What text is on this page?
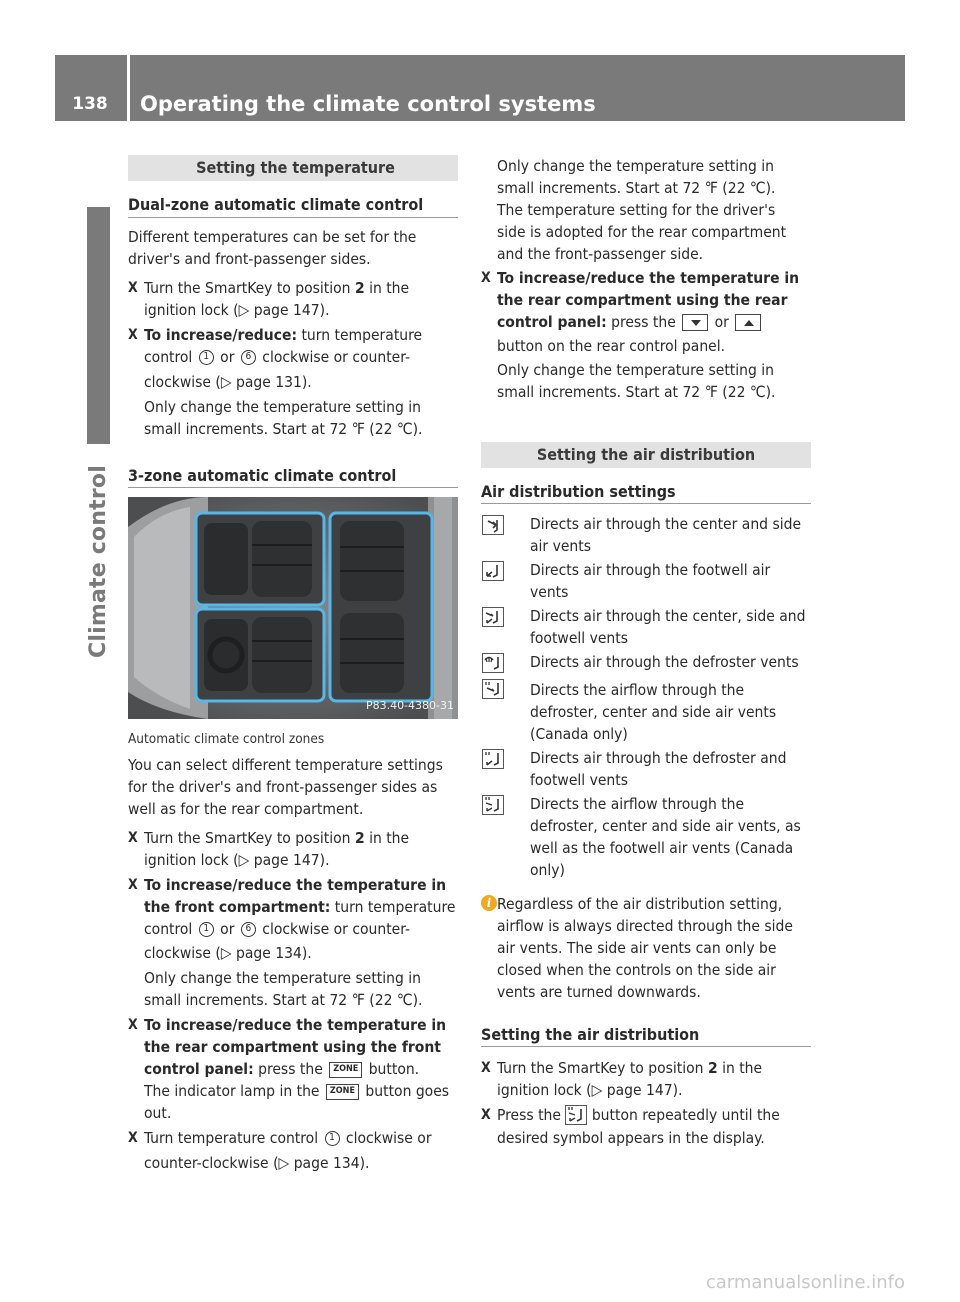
138	Operating the climate control systems
Climate control
Setting the temperature
Dual-zone automatic climate control
Different temperatures can be set for the
driver's and front-passenger sides.
X Turn the SmartKey to position 2 in the
ignition lock (▷ page 147).
X To increase/reduce: turn temperature
control 1 or 6 clockwise or counter-
clockwise (▷ page 131).
Only change the temperature setting in
small increments. Start at 72 ℉ (22 ℃).
3-zone automatic climate control
P83.40-4380-31
Automatic climate control zones
You can select different temperature settings
for the driver's and front-passenger sides as
well as for the rear compartment.
X Turn the SmartKey to position 2 in the
ignition lock (▷ page 147).
X To increase/reduce the temperature in
the front compartment: turn temperature
control 1 or 6 clockwise or counter-
clockwise (▷ page 134).
Only change the temperature setting in
small increments. Start at 72 ℉ (22 ℃).
X To increase/reduce the temperature in
the rear compartment using the front
control panel: press the ZONE button.
The indicator lamp in the ZONE button goes
out.
X Turn temperature control 1 clockwise or
counter-clockwise (▷ page 134).
Only change the temperature setting in
small increments. Start at 72 ℉ (22 ℃).
The temperature setting for the driver's
side is adopted for the rear compartment
and the front-passenger side.
X To increase/reduce the temperature in
the rear compartment using the rear
control panel: press the  or
button on the rear control panel.
Only change the temperature setting in
small increments. Start at 72 ℉ (22 ℃).
Setting the air distribution
Air distribution settings
Directs air through the center and side
air vents
Directs air through the footwell air
vents
Directs air through the center, side and
footwell vents
Directs air through the defroster vents
Directs the airflow through the
defroster, center and side air vents
(Canada only)
Directs air through the defroster and
footwell vents
Directs the airflow through the
defroster, center and side air vents, as
well as the footwell air vents (Canada
only)
i Regardless of the air distribution setting,
airflow is always directed through the side
air vents. The side air vents can only be
closed when the controls on the side air
vents are turned downwards.
Setting the air distribution
X Turn the SmartKey to position 2 in the
ignition lock (▷ page 147).
X Press the
button repeatedly until the
desired symbol appears in the display.
carmanualsonline.info
